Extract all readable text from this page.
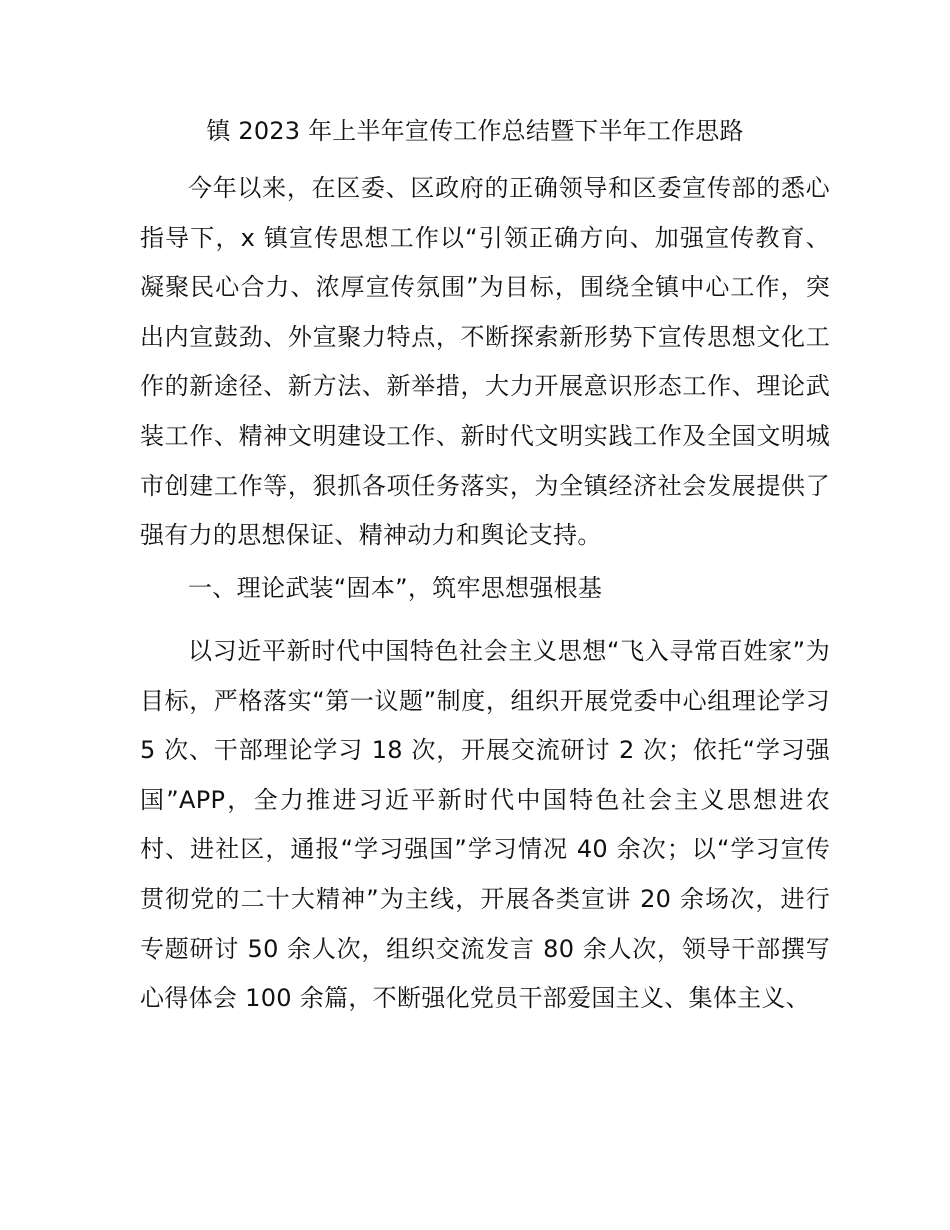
镇 2023 年上半年宣传工作总结暨下半年工作思路

今年以来，在区委、区政府的正确领导和区委宣传部的悉心指导下，x 镇宣传思想工作以“引领正确方向、加强宣传教育、凝聚民心合力、浓厚宣传氛围”为目标，围绕全镇中心工作，突出内宣鼓劲、外宣聚力特点，不断探索新形势下宣传思想文化工作的新途径、新方法、新举措，大力开展意识形态工作、理论武装工作、精神文明建设工作、新时代文明实践工作及全国文明城市创建工作等，狠抓各项任务落实，为全镇经济社会发展提供了强有力的思想保证、精神动力和舆论支持。

一、理论武装“固本”，筑牢思想强根基

以习近平新时代中国特色社会主义思想“飞入寻常百姓家”为目标，严格落实“第一议题”制度，组织开展党委中心组理论学习 5 次、干部理论学习 18 次，开展交流研讨 2 次；依托“学习强国”APP，全力推进习近平新时代中国特色社会主义思想进农村、进社区，通报“学习强国”学习情况 40 余次；以“学习宣传贯彻党的二十大精神”为主线，开展各类宣讲 20 余场次，进行专题研讨 50 余人次，组织交流发言 80 余人次，领导干部撰写心得体会 100 余篇，不断强化党员干部爱国主义、集体主义、
